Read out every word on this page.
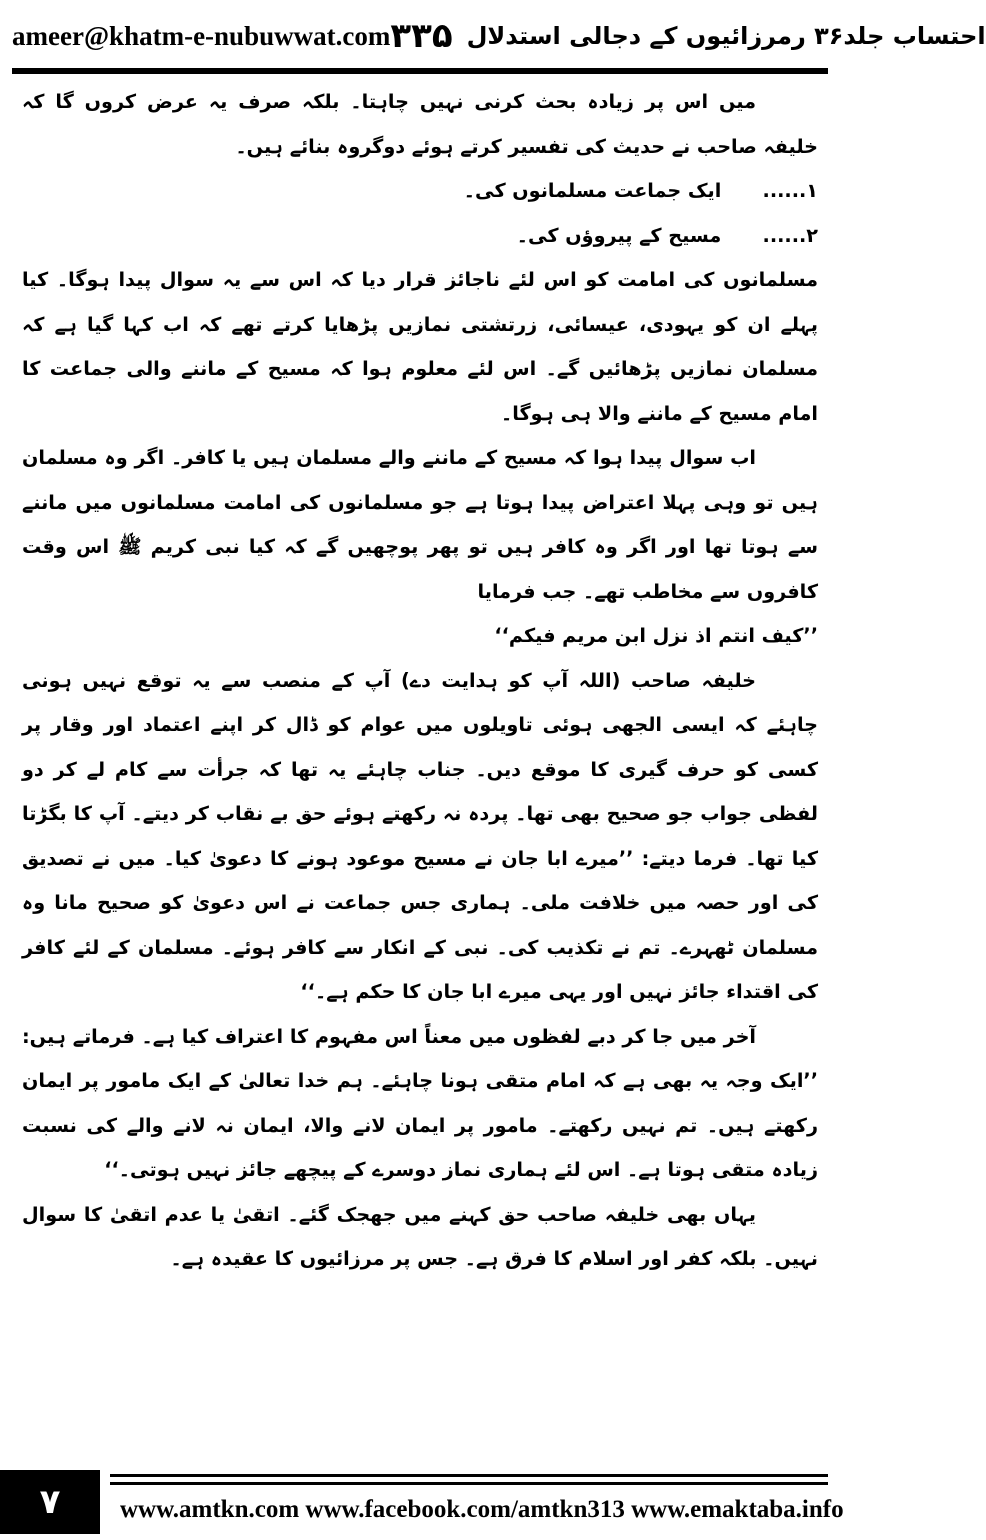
ameer@khatm-e-nubuwwat.com	احتساب جلد۳۶ رمرزائیوں کے دجالی استدلال
۳۳۵

میں اس پر زیادہ بحث کرنی نہیں چاہتا۔ بلکہ صرف یہ عرض کروں گا کہ خلیفہ صاحب نے حدیث کی تفسیر کرتے ہوئے دوگروہ بنائے ہیں۔

۱...... ایک جماعت مسلمانوں کی۔

۲...... مسیح کے پیروؤں کی۔

مسلمانوں کی امامت کو اس لئے ناجائز قرار دیا کہ اس سے یہ سوال پیدا ہوگا۔ کیا پہلے ان کو یہودی، عیسائی، زرتشتی نمازیں پڑھایا کرتے تھے کہ اب کہا گیا ہے کہ مسلمان نمازیں پڑھائیں گے۔ اس لئے معلوم ہوا کہ مسیح کے ماننے والی جماعت کا امام مسیح کے ماننے والا ہی ہوگا۔

اب سوال پیدا ہوا کہ مسیح کے ماننے والے مسلمان ہیں یا کافر۔ اگر وہ مسلمان ہیں تو وہی پہلا اعتراض پیدا ہوتا ہے جو مسلمانوں کی امامت مسلمانوں میں ماننے سے ہوتا تھا اور اگر وہ کافر ہیں تو پھر پوچھیں گے کہ کیا نبی کریم ﷺ اس وقت کافروں سے مخاطب تھے۔ جب فرمایا

’’کیف انتم اذ نزل ابن مریم فیکم‘‘

خلیفہ صاحب (اللہ آپ کو ہدایت دے) آپ کے منصب سے یہ توقع نہیں ہونی چاہئے کہ ایسی الجھی ہوئی تاویلوں میں عوام کو ڈال کر اپنے اعتماد اور وقار پر کسی کو حرف گیری کا موقع دیں۔ جناب چاہئے یہ تھا کہ جرأت سے کام لے کر دو لفظی جواب جو صحیح بھی تھا۔ پردہ نہ رکھتے ہوئے حق بے نقاب کر دیتے۔ آپ کا بگڑتا کیا تھا۔ فرما دیتے: ’’میرے ابا جان نے مسیح موعود ہونے کا دعویٰ کیا۔ میں نے تصدیق کی اور حصہ میں خلافت ملی۔ ہماری جس جماعت نے اس دعویٰ کو صحیح مانا وہ مسلمان ٹھہرے۔ تم نے تکذیب کی۔ نبی کے انکار سے کافر ہوئے۔ مسلمان کے لئے کافر کی اقتداء جائز نہیں اور یہی میرے ابا جان کا حکم ہے۔‘‘

آخر میں جا کر دبے لفظوں میں معناً اس مفہوم کا اعتراف کیا ہے۔ فرماتے ہیں: ’’ایک وجہ یہ بھی ہے کہ امام متقی ہونا چاہئے۔ ہم خدا تعالیٰ کے ایک مامور پر ایمان رکھتے ہیں۔ تم نہیں رکھتے۔ مامور پر ایمان لانے والا، ایمان نہ لانے والے کی نسبت زیادہ متقی ہوتا ہے۔ اس لئے ہماری نماز دوسرے کے پیچھے جائز نہیں ہوتی۔‘‘

یہاں بھی خلیفہ صاحب حق کہنے میں جھجک گئے۔ اتقیٰ یا عدم اتقیٰ کا سوال نہیں۔ بلکہ کفر اور اسلام کا فرق ہے۔ جس پر مرزائیوں کا عقیدہ ہے۔

۷	www.amtkn.com www.facebook.com/amtkn313 www.emaktaba.info
